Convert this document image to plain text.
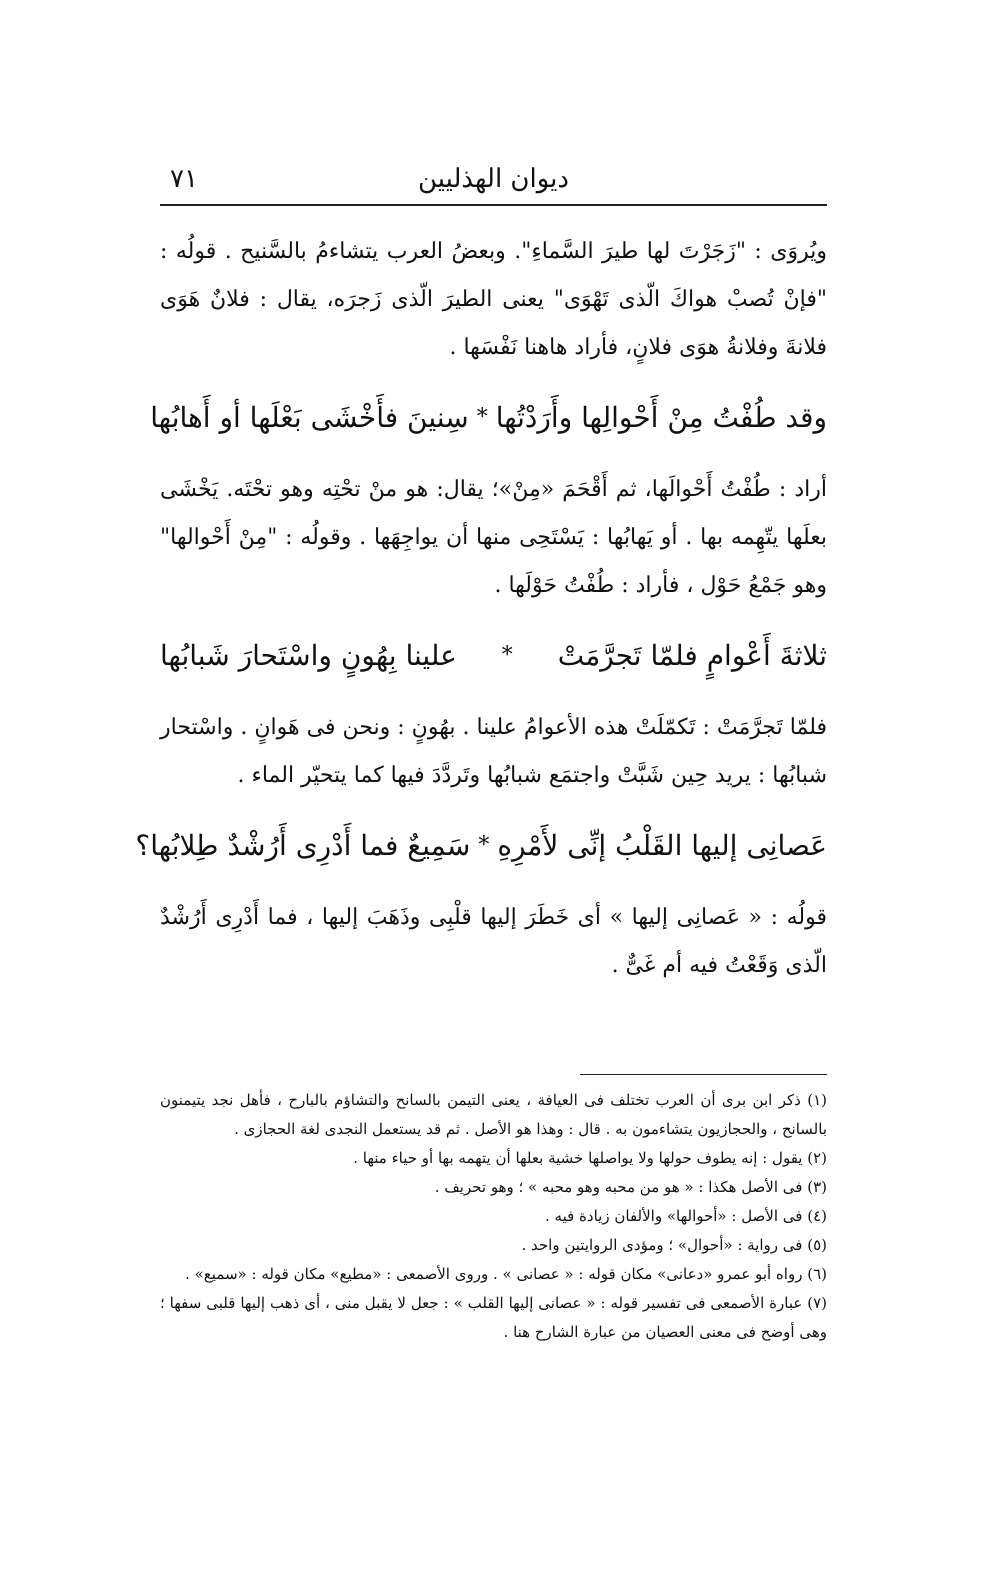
ديوان الهذليين
٧١

ويُروَى : "زَجَرْتَ لها طيرَ السَّماءِ". وبعضُ العرب يتشاءمُ بالسَّنيح . قولُه : "فإنْ تُصبْ هواكَ الّذى تَهْوَى" يعنى الطيرَ الّذى زَجرَه، يقال : فلانٌ هَوَى فلانةَ وفلانةُ هوَى فلانٍ، فأراد هاهنا نَفْسَها .

وقد طُفْتُ مِنْ أَحْوالِها وأَرَدْتُها
*
سِنينَ فأَخْشَى بَعْلَها أو أَهابُها

أراد : طُفْتُ أَحْوالَها، ثم أَقْحَمَ «مِنْ»؛ يقال: هو منْ تحْتِه وهو تحْتَه. يَخْشَى بعلَها يتّهِمه بها . أو يَهابُها : يَسْتَحِى منها أن يواجِهَها . وقولُه : "مِنْ أَحْوالها" وهو جَمْعُ حَوْل ، فأراد : طُفْتُ حَوْلَها .

ثلاثةَ أَعْوامٍ فلمّا تَجرَّمَتْ
*
علينا بِهُونٍ واسْتَحارَ شَبابُها

فلمّا تَجرَّمَتْ : تَكمّلَتْ هذه الأعوامُ علينا . بهُونٍ : ونحن فى هَوانٍ . واسْتحار شبابُها : يريد حِين شَبَّتْ واجتمَع شبابُها وتَردَّدَ فيها كما يتحيّر الماء .

عَصانِى إليها القَلْبُ إنِّى لأَمْرِهِ
*
سَمِيعٌ فما أَدْرِى أَرُشْدٌ طِلابُها؟

قولُه : « عَصانِى إليها » أى خَطَرَ إليها قلْبِى وذَهَبَ إليها ، فما أَدْرِى أَرُشْدٌ الّذى وَقَعْتُ فيه أم غَىٌّ .

(١) ذكر ابن برى أن العرب تختلف فى العيافة ، يعنى التيمن بالسانح والتشاؤم بالبارح ، فأهل نجد يتيمنون بالسانح ، والحجازيون يتشاءمون به . قال : وهذا هو الأصل . ثم قد يستعمل النجدى لغة الحجازى .

(٢) يقول : إنه يطوف حولها ولا يواصلها خشية بعلها أن يتهمه بها أو حياء منها .

(٣) فى الأصل هكذا : « هو من محبه وهو محبه » ؛ وهو تحريف .

(٤) فى الأصل : «أحوالها» والألفان زيادة فيه .

(٥) فى رواية : «أحوال» ؛ ومؤدى الروايتين واحد .

(٦) رواه أبو عمرو «دعانى» مكان قوله : « عصانى » . وروى الأصمعى : «مطيع» مكان قوله : «سميع» .

(٧) عبارة الأصمعى فى تفسير قوله : « عصانى إليها القلب » : جعل لا يقبل منى ، أى ذهب إليها قلبى سفها ؛ وهى أوضح فى معنى العصيان من عبارة الشارح هنا .
